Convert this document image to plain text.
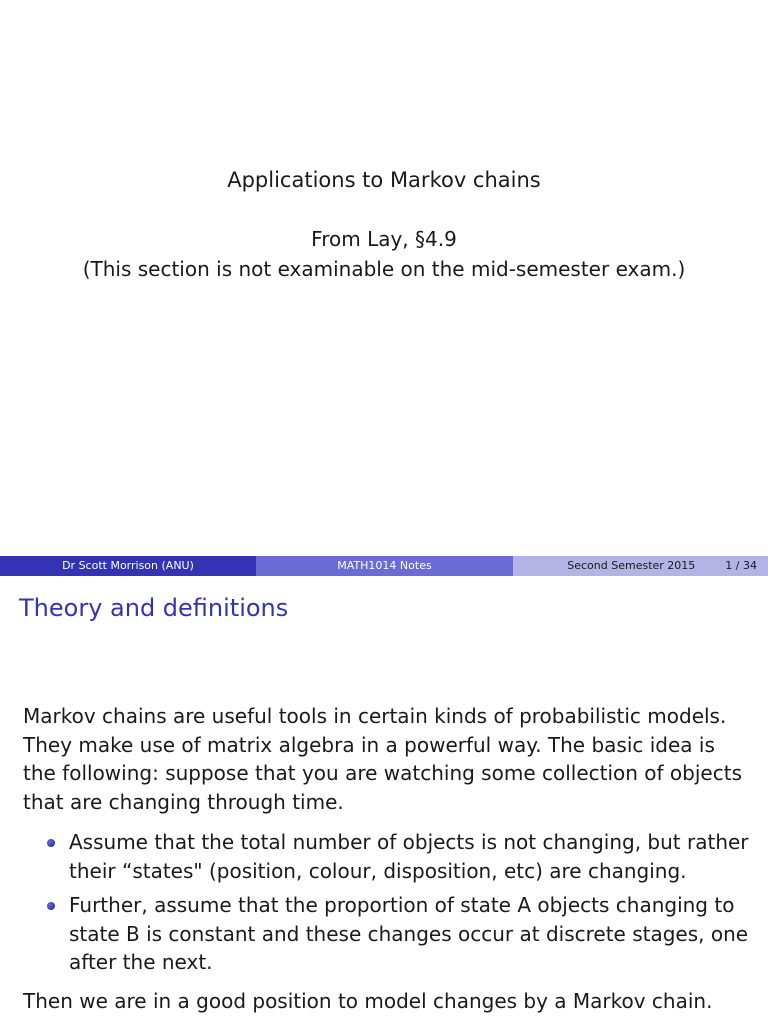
Applications to Markov chains
From Lay, §4.9
(This section is not examinable on the mid-semester exam.)
Dr Scott Morrison (ANU)	MATH1014 Notes	Second Semester 2015	1 / 34
Theory and definitions

Markov chains are useful tools in certain kinds of probabilistic models. They make use of matrix algebra in a powerful way. The basic idea is the following: suppose that you are watching some collection of objects that are changing through time.

Assume that the total number of objects is not changing, but rather their “states" (position, colour, disposition, etc) are changing.
Further, assume that the proportion of state A objects changing to state B is constant and these changes occur at discrete stages, one after the next.

Then we are in a good position to model changes by a Markov chain.
